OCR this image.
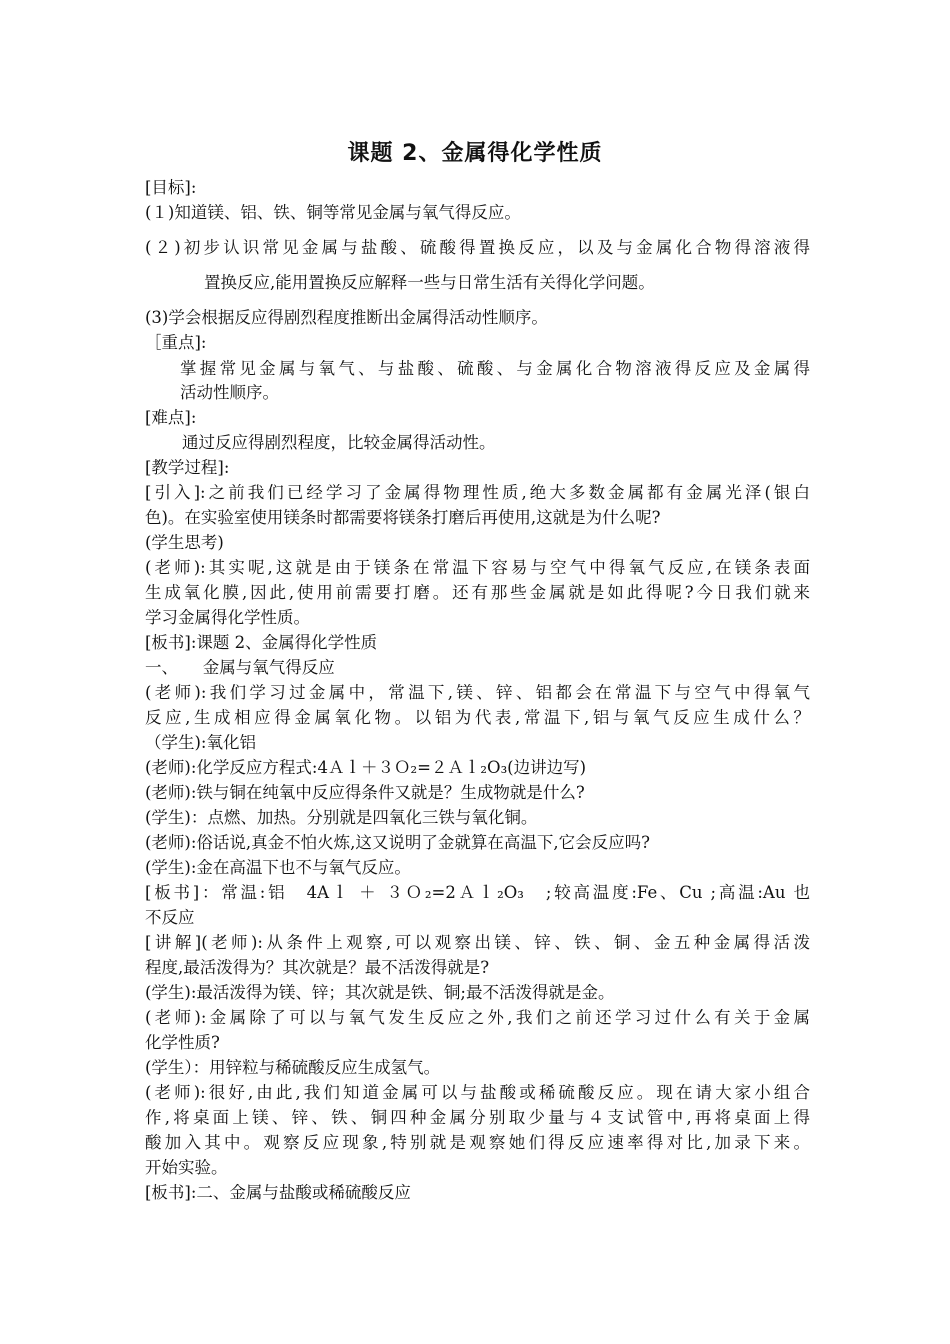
课题 2、金属得化学性质
[目标]:
(１)知道镁、铝、铁、铜等常见金属与氧气得反应。
(２)初步认识常见金属与盐酸、硫酸得置换反应，以及与金属化合物得溶液得
置换反应,能用置换反应解释一些与日常生活有关得化学问题。
(3)学会根据反应得剧烈程度推断出金属得活动性顺序。
［重点]:
掌握常见金属与氧气、与盐酸、硫酸、与金属化合物溶液得反应及金属得
活动性顺序。
[难点]:
通过反应得剧烈程度，比较金属得活动性。
[教学过程]:
[引入]:之前我们已经学习了金属得物理性质,绝大多数金属都有金属光泽(银白
色)。在实验室使用镁条时都需要将镁条打磨后再使用,这就是为什么呢?
(学生思考)
(老师):其实呢,这就是由于镁条在常温下容易与空气中得氧气反应,在镁条表面
生成氧化膜,因此,使用前需要打磨。还有那些金属就是如此得呢?今日我们就来
学习金属得化学性质。
[板书]:课题 2、金属得化学性质
一、　　金属与氧气得反应
(老师):我们学习过金属中，常温下,镁、锌、铝都会在常温下与空气中得氧气
反应,生成相应得金属氧化物。以铝为代表,常温下,铝与氧气反应生成什么？
（学生):氧化铝
(老师):化学反应方程式:4Ａｌ＋３Ｏ₂=２Ａｌ₂O₃(边讲边写)
(老师):铁与铜在纯氧中反应得条件又就是？生成物就是什么?
(学生)：点燃、加热。分别就是四氧化三铁与氧化铜。
(老师):俗话说,真金不怕火炼,这又说明了金就算在高温下,它会反应吗?
(学生):金在高温下也不与氧气反应。
[板书]：常温:铝　4Aｌ ＋ ３Ｏ₂=2Ａｌ₂O₃　;较高温度:Fe、Cu ;高温:Au 也
不反应
[讲解](老师):从条件上观察,可以观察出镁、锌、铁、铜、金五种金属得活泼
程度,最活泼得为？其次就是？最不活泼得就是?
(学生):最活泼得为镁、锌；其次就是铁、铜;最不活泼得就是金。
(老师):金属除了可以与氧气发生反应之外,我们之前还学习过什么有关于金属
化学性质?
(学生）：用锌粒与稀硫酸反应生成氢气。
(老师):很好,由此,我们知道金属可以与盐酸或稀硫酸反应。现在请大家小组合
作,将桌面上镁、锌、铁、铜四种金属分别取少量与４支试管中,再将桌面上得
酸加入其中。观察反应现象,特别就是观察她们得反应速率得对比,加录下来。
开始实验。
[板书]:二、金属与盐酸或稀硫酸反应
